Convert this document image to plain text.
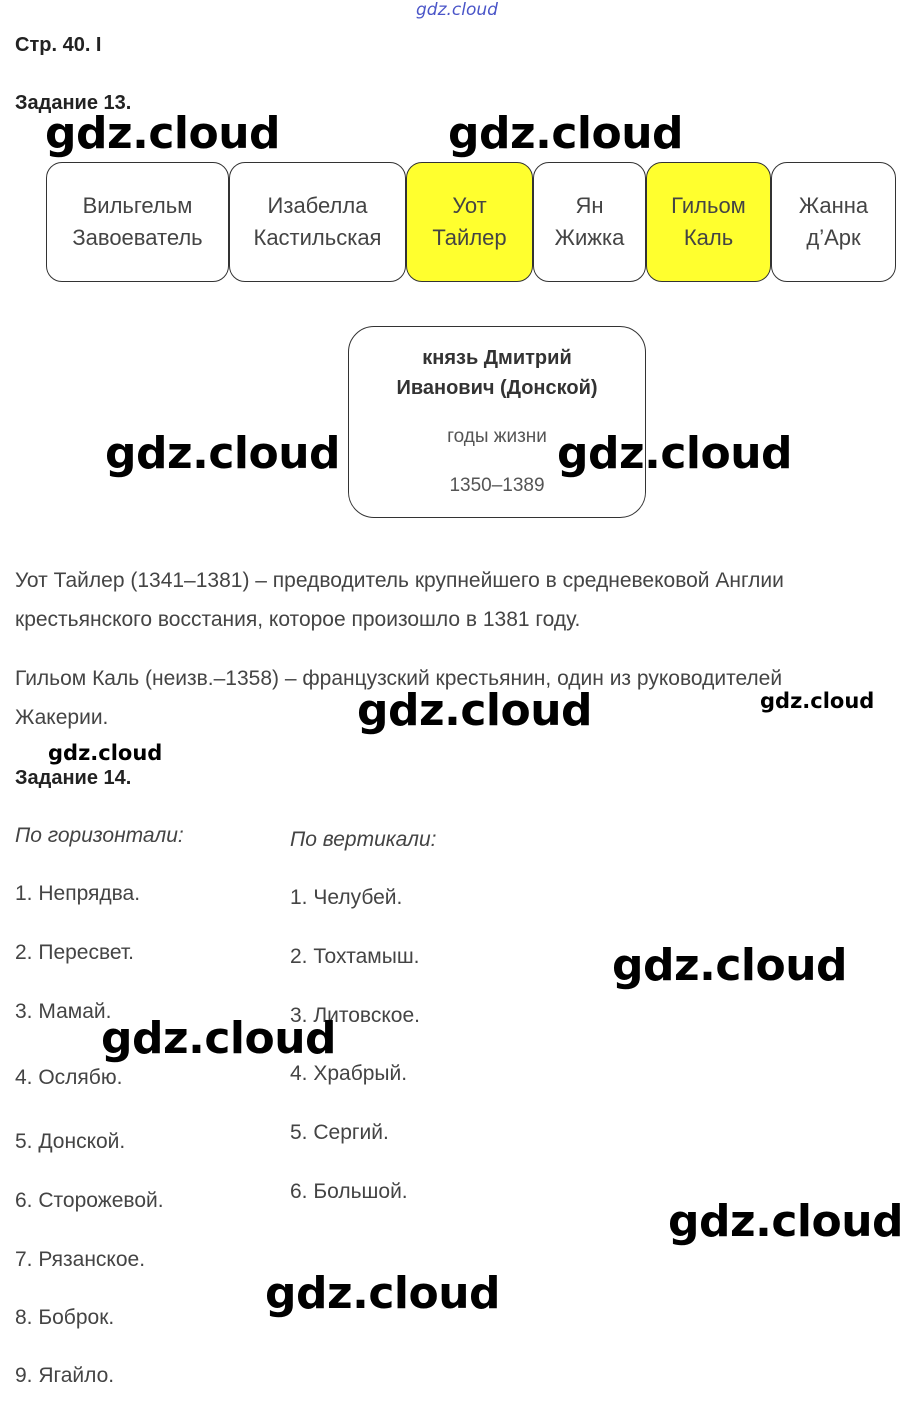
gdz.cloud
Стр. 40. I
Задание 13.
Вильгельм
Завоеватель
Изабелла
Кастильская
Уот
Тайлер
Ян
Жижка
Гильом
Каль
Жанна
д’Арк
князь Дмитрий
Иванович (Донской)
годы жизни
1350–1389
Уот Тайлер (1341–1381) – предводитель крупнейшего в средневековой Англии
крестьянского восстания, которое произошло в 1381 году.
Гильом Каль (неизв.–1358) – французский крестьянин, один из руководителей
Жакерии.
Задание 14.
По горизонтали:	По вертикали:
1. Непрядва.
2. Пересвет.
3. Мамай.
4. Ослябю.
5. Донской.
6. Сторожевой.
7. Рязанское.
8. Боброк.
9. Ягайло.
1. Челубей.
2. Тохтамыш.
3. Литовское.
4. Храбрый.
5. Сергий.
6. Большой.
gdz.cloud	gdz.cloud
gdz.cloud	gdz.cloud
gdz.cloud	gdz.cloud
gdz.cloud
gdz.cloud
gdz.cloud
gdz.cloud
gdz.cloud
